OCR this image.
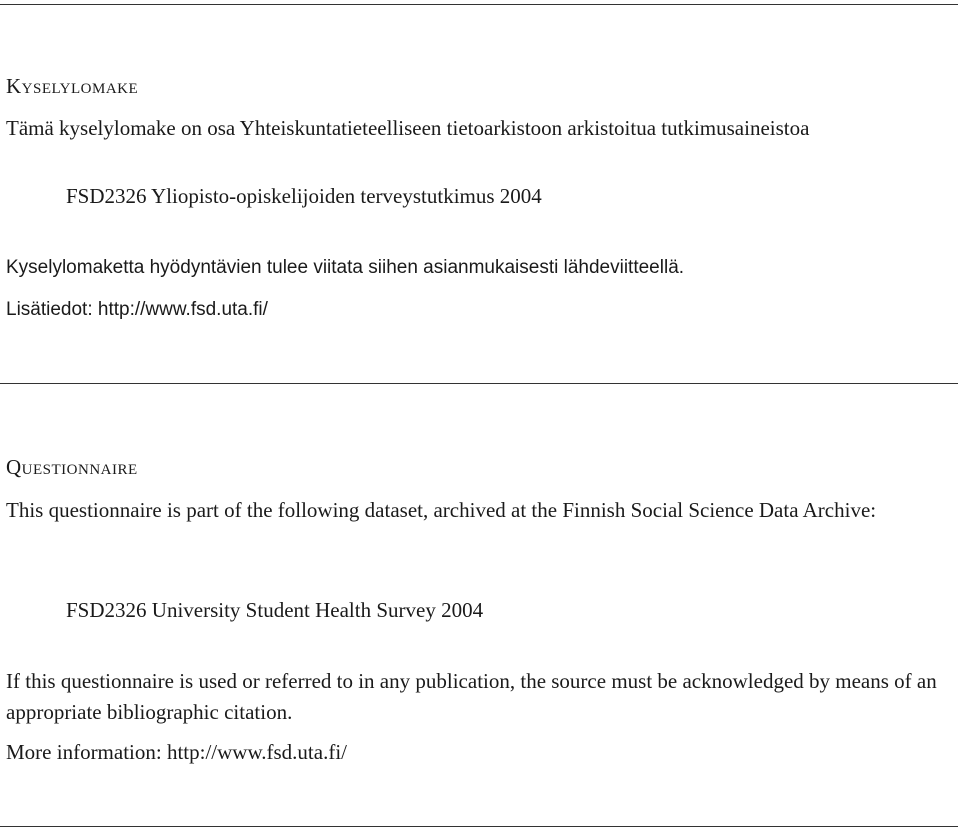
Kyselylomake
Tämä kyselylomake on osa Yhteiskuntatieteelliseen tietoarkistoon arkistoitua tutkimusaineistoa
FSD2326 Yliopisto-opiskelijoiden terveystutkimus 2004
Kyselylomaketta hyödyntävien tulee viitata siihen asianmukaisesti lähdeviitteellä.
Lisätiedot: http://www.fsd.uta.fi/
Questionnaire
This questionnaire is part of the following dataset, archived at the Finnish Social Science Data Archive:
FSD2326 University Student Health Survey 2004
If this questionnaire is used or referred to in any publication, the source must be acknowledged by means of an appropriate bibliographic citation.
More information: http://www.fsd.uta.fi/
